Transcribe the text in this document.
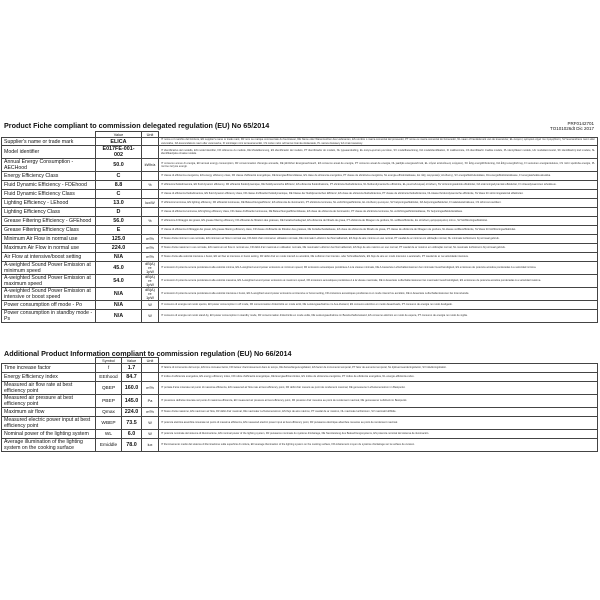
Product Fiche compliant to commission delegated regulation (EU) No 65/2014	PRF0142701
TO101026dt Dic 2017
	Value	Unit	
Supplier's name or trade mark	ELICA		IT nome o il marchio del fornitore, EN supplier's name or trade mark, FR nom ou marque commerciale du fournisseur, DE Name oder Warenzeichen des Lieferanten, ES nombre o marca comercial del proveedor, PT nome ou marca comercial do fornecedor, NL naam of handelsmerk van de leverancier, EL όνομα ή εμπορικό σήμα του προμηθευτή, SV leverantörens namn eller varumärke, DA leverandørens navn eller varemærke, FI toimittajan nimi tai tavaramerkki, CS název nebo ochranná známka dodavatele, PL nazwa dostawcy lub znak towarowy.
Model identifier	E017FE-001-002		IT identificativo del modello, EN model identifier, FR référence du modèle, DE Modellkennung, ES identificador del modelo, PT identificador do modelo, NL typeaanduiding, EL αναγνωριστικό μοντέλου, SV modellbeteckning, DA modelidentifikation, FI mallitunniste, CS identifikační značka modelu, PL identyfikator modelu, HU modellazonosító, SK identifikačný kód modelu, SL identifikacijska oznaka modela.
Annual Energy Consumption - AECHood	50.0	kWh/a	IT consumo annuo di energia, EN annual energy consumption, FR consommation d'énergie annuelle, DE jährlicher Energieverbrauch, ES consumo anual de energía, PT consumo anual de energia, NL jaarlijks energieverbruik, EL ετήσια κατανάλωση ενέργειας, SV årlig energiförbrukning, DA årligt energiforbrug, FI vuotuinen energiankulutus, CS roční spotřeba energie, PL roczne zużycie energii.
Energy Efficiency Class	C		IT classe di efficienza energetica, EN energy efficiency class, FR classe d'efficacité énergétique, DE Energieeffizienzklasse, ES clase de eficiencia energética, PT classe de eficiência energética, NL energie-efficiëntieklasse, EL τάξη ενεργειακής απόδοσης, SV energieffektivitetsklass, DA energieffektivitetsklasse, FI energiatehokkuusluokka.
Fluid Dynamic Efficiency - FDEhood	8.8	%	IT efficienza fluidodinamica, EN fluid dynamic efficiency, FR efficacité fluidodynamique, DE fluiddynamische Effizienz, ES eficiencia fluidodinámica, PT eficiência fluidodinâmica, NL fluïdumdynamische efficiëntie, EL ρευστοδυναμική απόδοση, SV strömningsteknisk effektivitet, DA strømningsdynamisk effektivitet, FI virtausdynaaminen tehokkuus.
Fluid Dynamic Efficiency Class	C		IT classe di efficienza fluidodinamica, EN fluid dynamic efficiency class, FR classe d'efficacité fluidodynamique, DE Klasse der fluiddynamischen Effizienz, ES clase de eficiencia fluidodinámica, PT classe de eficiência fluidodinâmica, NL klasse fluïdumdynamische efficiëntie, SV klass för strömningsteknisk effektivitet.
Lighting Efficiency - LEhood	13.0	lux/W	IT efficienza luminosa, EN lighting efficiency, FR efficacité lumineuse, DE Beleuchtungseffizienz, ES eficiencia de iluminación, PT eficiência luminosa, NL verlichtingsefficiëntie, EL απόδοση φωτισμού, SV belysningseffektivitet, DA belysningseffektivitet, FI valaistustehokkuus, CS účinnost osvětlení.
Lighting Efficiency Class	D		IT classe di efficienza luminosa, EN lighting efficiency class, FR classe d'efficacité lumineuse, DE Beleuchtungseffizienzklasse, ES clase de eficiencia de iluminación, PT classe de eficiência luminosa, NL verlichtingsefficiëntieklasse, SV belysningseffektivitetsklass.
Grease Filtering Efficiency - GFEhood	56.0	%	IT efficienza di filtraggio dei grassi, EN grease filtering efficiency, FR efficacité de filtration des graisses, DE Fettabscheidegrad, ES eficiencia de filtrado de grasa, PT eficiência de filtragem de gordura, NL vetfilterefficiëntie, EL απόδοση φιλτραρίσματος λιπών, SV fettfiltreringseffektivitet.
Grease Filtering Efficiency Class	E		IT classe di efficienza di filtraggio dei grassi, EN grease filtering efficiency class, FR classe d'efficacité de filtration des graisses, DE Fettabscheideklasse, ES clase de eficiencia de filtrado de grasa, PT classe de eficiência de filtragem de gordura, NL klasse vetfilterefficiëntie, SV klass för fettfiltreringseffektivitet.
Minimum Air Flow in normal use	125.0	m³/h	IT flusso d'aria minimo in uso normale, EN minimum air flow in normal use, FR débit d'air minimal en utilisation normale, DE minimaler Luftstrom bei Normalbetrieb, ES flujo de aire mínimo en uso normal, PT caudal de ar mínimo em utilização normal, NL minimale luchtstroom bij normaal gebruik.
Maximum Air Flow in normal use	224.0	m³/h	IT flusso d'aria massimo in uso normale, EN maximum air flow in normal use, FR débit d'air maximal en utilisation normale, DE maximaler Luftstrom bei Normalbetrieb, ES flujo de aire máximo en uso normal, PT caudal de ar máximo em utilização normal, NL maximale luchtstroom bij normaal gebruik.
Air Flow at intensive/boost setting	N/A	m³/h	IT flusso d'aria alla velocità intensiva o boost, EN air flow at intensive or boost setting, FR débit d'air en mode intensif ou accéléré, DE Luftstrom bei Intensiv- oder Schnelllaufstufe, ES flujo de aire en modo intensivo o acelerado, PT caudal de ar na velocidade intensiva.
A-weighted Sound Power Emission at minimum speed	45.0	dB(A) re 1pW	IT emissioni di potenza sonora ponderata A alla velocità minima, EN A-weighted sound power emissions at minimum speed, FR émissions acoustiques pondérées A à la vitesse minimale, DE A-bewertete Luftschallemissionen bei minimaler Geschwindigkeit, ES emisiones de potencia acústica ponderadas A a velocidad mínima.
A-weighted Sound Power Emission at maximum speed	54.0	dB(A) re 1pW	IT emissioni di potenza sonora ponderata A alla velocità massima, EN A-weighted sound power emissions at maximum speed, FR émissions acoustiques pondérées A à la vitesse maximale, DE A-bewertete Luftschallemissionen bei maximaler Geschwindigkeit, ES emisiones de potencia acústica ponderadas A a velocidad máxima.
A-weighted Sound Power Emission at intensive or boost speed	N/A	dB(A) re 1pW	IT emissioni di potenza sonora ponderata A alla velocità intensiva o boost, EN A-weighted sound power emissions at intensive or boost setting, FR émissions acoustiques pondérées A en mode intensif ou accéléré, DE A-bewertete Luftschallemissionen bei Intensivstufe.
Power consumption off mode - Po	N/A	W	IT consumo di energia nel modo spento, EN power consumption in off mode, FR consommation d'électricité en mode arrêt, DE Leistungsaufnahme im Aus-Zustand, ES consumo eléctrico en modo desactivado, PT consumo de energia no modo desligado.
Power consumption in standby mode - Ps	N/A	W	IT consumo di energia nel modo stand-by, EN power consumption in standby mode, FR consommation d'électricité en mode veille, DE Leistungsaufnahme im Bereitschaftszustand, ES consumo eléctrico en modo de espera, PT consumo de energia no modo de vigília.
Additional Product Information compliant to commission regulation (EU) No 66/2014
	Symbol	Value	Unit	
Time increase factor	f	1.7		IT fattore di incremento del tempo, EN time increase factor, FR facteur d'accroissement dans le temps, DE Zeitverlängerungsfaktor, ES factor de incremento temporal, PT fator de aumento temporal, NL tijdsvermeerderingsfactor, SV tidsökningsfaktor.
Energy Efficiency index	EEIhood	84.7		IT indice di efficienza energetica, EN energy efficiency index, FR indice d'efficacité énergétique, DE Energieeffizienzindex, ES índice de eficiencia energética, PT índice de eficiência energética, NL energie-efficiëntie-index.
Measured air flow rate at best efficiency point	QBEP	160.0	m³/h	IT portata d'aria misurata nel punto di massima efficienza, EN measured air flow rate at best efficiency point, FR débit d'air mesuré au point de rendement maximal, DE gemessener Luftvolumenstrom im Bestpunkt.
Measured air pressure at best efficiency point	PBEP	145.0	Pa	IT pressione dell'aria misurata nel punto di massima efficienza, EN measured air pressure at best efficiency point, FR pression d'air mesurée au point de rendement maximal, DE gemessener Luftdruck im Bestpunkt.
Maximum air flow	Qmax	224.0	m³/h	IT flusso d'aria massimo, EN maximum air flow, FR débit d'air maximal, DE maximaler Luftvolumenstrom, ES flujo de aire máximo, PT caudal de ar máximo, NL maximale luchtstroom, SV maximalt luftflöde.
Measured electric power input at best efficiency point	WBEP	73.5	W	IT potenza elettrica assorbita misurata nel punto di massima efficienza, EN measured electric power input at best efficiency point, FR puissance électrique absorbée mesurée au point de rendement maximal.
Nominal power of the lighting system	WL	6.0	W	IT potenza nominale del sistema di illuminazione, EN nominal power of the lighting system, FR puissance nominale du système d'éclairage, DE Nennleistung des Beleuchtungssystems, ES potencia nominal del sistema de iluminación.
Average illumination of the lighting system on the cooking surface	Emiddle	78.0	lux	IT illuminamento medio del sistema di illuminazione sulla superficie di cottura, EN average illumination of the lighting system on the cooking surface, FR éclairement moyen du système d'éclairage sur la surface de cuisson.
